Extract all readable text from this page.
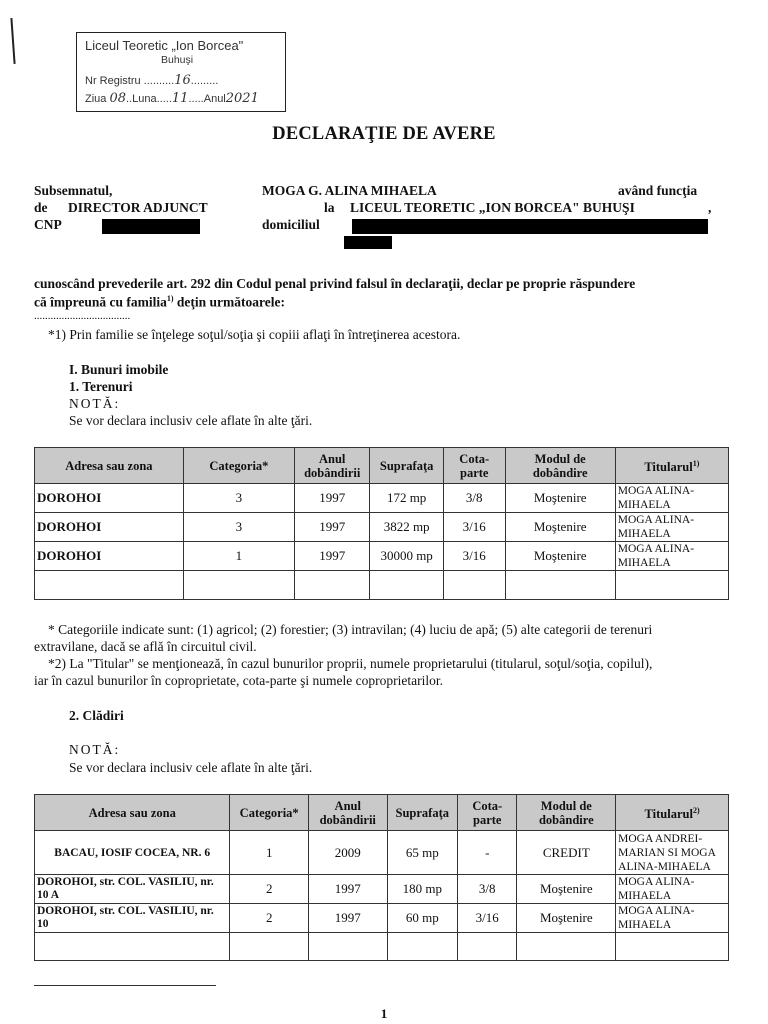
Liceul Teoretic „Ion Borcea"
Buhuşi
Nr Registru ..........16.........
Ziua 08..Luna.....11.....Anul2021
DECLARAŢIE DE AVERE
Subsemnatul,	MOGA G. ALINA MIHAELA	având funcţia
de DIRECTOR ADJUNCT	la LICEUL TEORETIC „ION BORCEA" BUHUŞI	,
CNP	domiciliul
cunoscând prevederile art. 292 din Codul penal privind falsul în declaraţii, declar pe proprie răspundere
că împreună cu familia$^{1)}$ deţin următoarele:
...................................
*1) Prin familie se înţelege soţul/soţia şi copiii aflaţi în întreţinerea acestora.
I. Bunuri imobile
1. Terenuri
NOTĂ:
Se vor declara inclusiv cele aflate în alte ţări.
Adresa sau zona	Categoria*	Anul dobândirii	Suprafaţa	Cota-parte	Modul de dobândire	Titularul$^{1)}$
DOROHOI	3	1997	172 mp	3/8	Moştenire	MOGA ALINA-MIHAELA
DOROHOI	3	1997	3822 mp	3/16	Moştenire	MOGA ALINA-MIHAELA
DOROHOI	1	1997	30000 mp	3/16	Moştenire	MOGA ALINA-MIHAELA

* Categoriile indicate sunt: (1) agricol; (2) forestier; (3) intravilan; (4) luciu de apă; (5) alte categorii de terenuri
extravilane, dacă se află în circuitul civil.
*2) La "Titular" se menţionează, în cazul bunurilor proprii, numele proprietarului (titularul, soţul/soţia, copilul),
iar în cazul bunurilor în coproprietate, cota-parte şi numele coproprietarilor.
2. Clădiri
NOTĂ:
Se vor declara inclusiv cele aflate în alte ţări.
Adresa sau zona	Categoria*	Anul dobândirii	Suprafaţa	Cota-parte	Modul de dobândire	Titularul$^{2)}$
BACAU, IOSIF COCEA, NR. 6	1	2009	65 mp	-	CREDIT	MOGA ANDREI-MARIAN SI MOGA ALINA-MIHAELA
DOROHOI, str. COL. VASILIU, nr. 10 A	2	1997	180 mp	3/8	Moştenire	MOGA ALINA-MIHAELA
DOROHOI, str. COL. VASILIU, nr. 10	2	1997	60 mp	3/16	Moştenire	MOGA ALINA-MIHAELA

1
